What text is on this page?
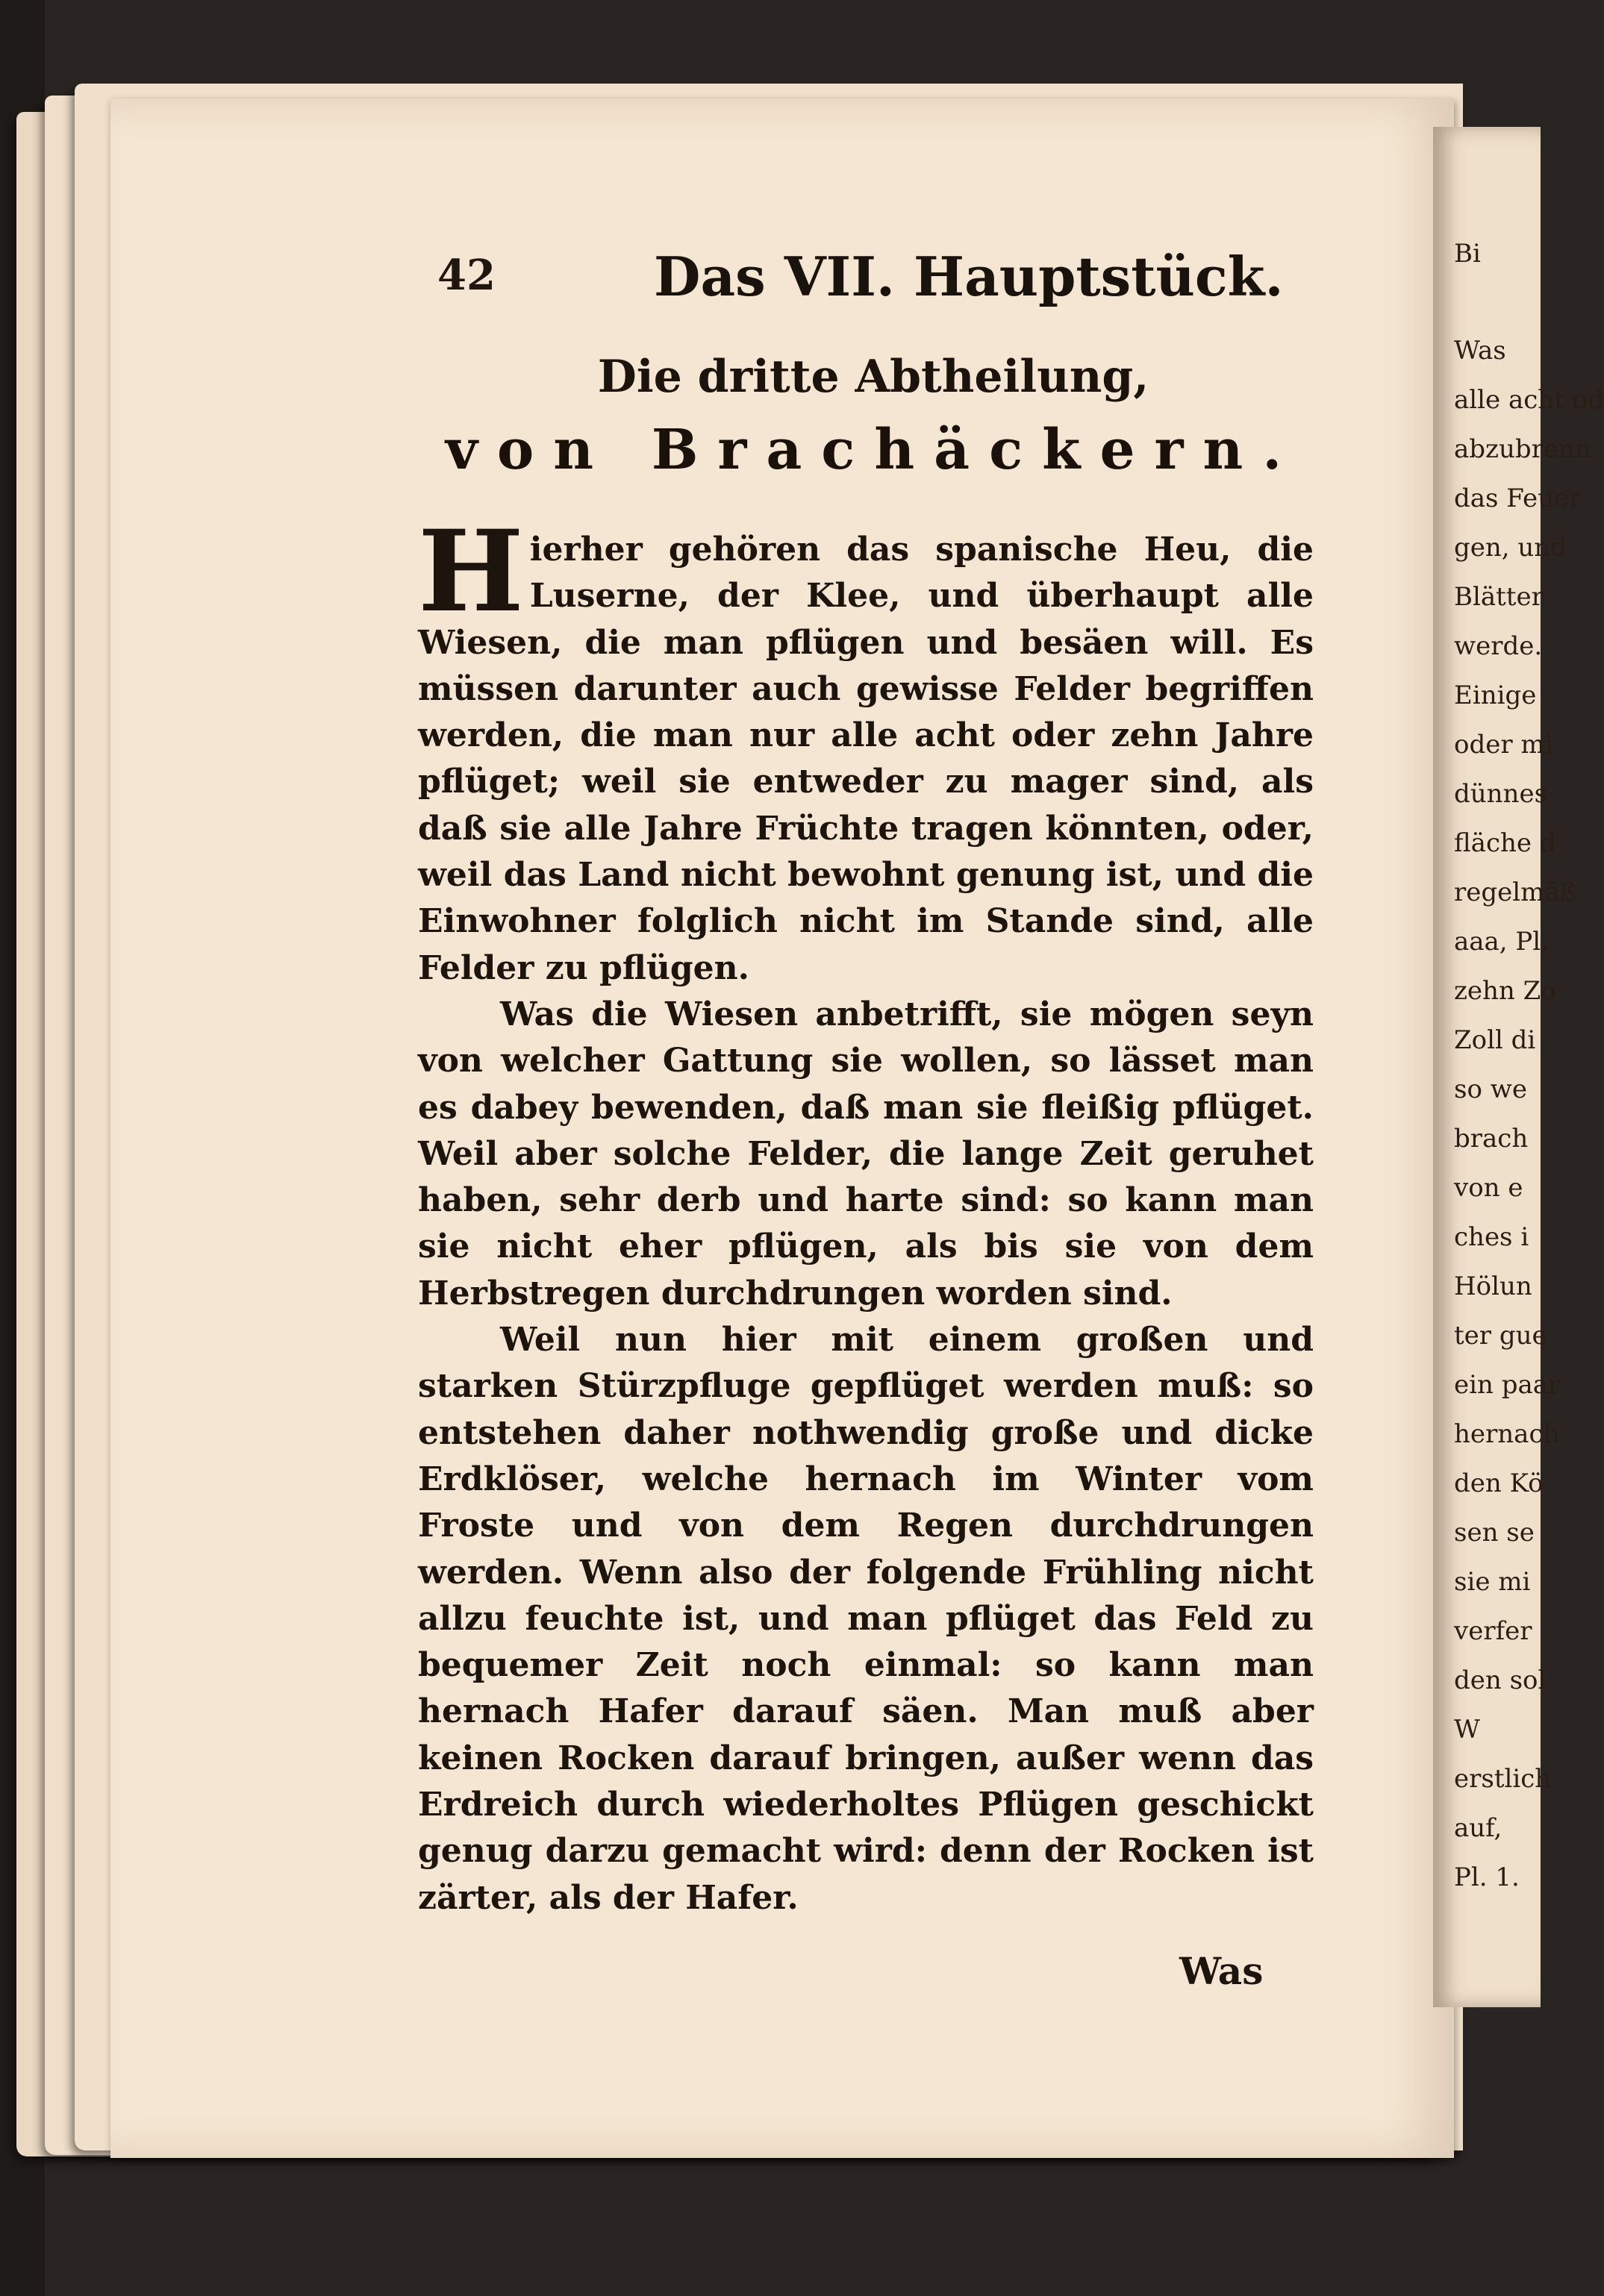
Bi
Was
alle acht od
abzubrenn
das Feuer
gen, und
Blätter
werde.
Einige
oder mi
dünnes
fläche d
regelmäß
aaa, Pl.
zehn Zo
Zoll di
so we
brach
von e
ches i
Hölun
ter gue
ein paar
hernach
den Kö
sen se
sie mi
verfer
den sol
W
erstlich
auf,
Pl. 1.
42	Das VII. Hauptstück.
Die dritte Abtheilung,
von Brachäckern.

Hierher gehören das spanische Heu, die Luserne, der Klee, und überhaupt alle Wiesen, die man pflügen und besäen will. Es müssen darunter auch gewisse Felder begriffen werden, die man nur alle acht oder zehn Jahre pflüget; weil sie entweder zu mager sind, als daß sie alle Jahre Früchte tragen könnten, oder, weil das Land nicht bewohnt genung ist, und die Einwohner folglich nicht im Stande sind, alle Felder zu pflügen.

Was die Wiesen anbetrifft, sie mögen seyn von welcher Gattung sie wollen, so lässet man es dabey bewenden, daß man sie fleißig pflüget. Weil aber solche Felder, die lange Zeit geruhet haben, sehr derb und harte sind: so kann man sie nicht eher pflügen, als bis sie von dem Herbstregen durchdrungen worden sind.

Weil nun hier mit einem großen und starken Stürzpfluge gepflüget werden muß: so entstehen daher nothwendig große und dicke Erdklöser, welche hernach im Winter vom Froste und von dem Regen durchdrungen werden. Wenn also der folgende Frühling nicht allzu feuchte ist, und man pflüget das Feld zu bequemer Zeit noch einmal: so kann man hernach Hafer darauf säen. Man muß aber keinen Rocken darauf bringen, außer wenn das Erdreich durch wiederholtes Pflügen geschickt genug darzu gemacht wird: denn der Rocken ist zärter, als der Hafer.

Was
